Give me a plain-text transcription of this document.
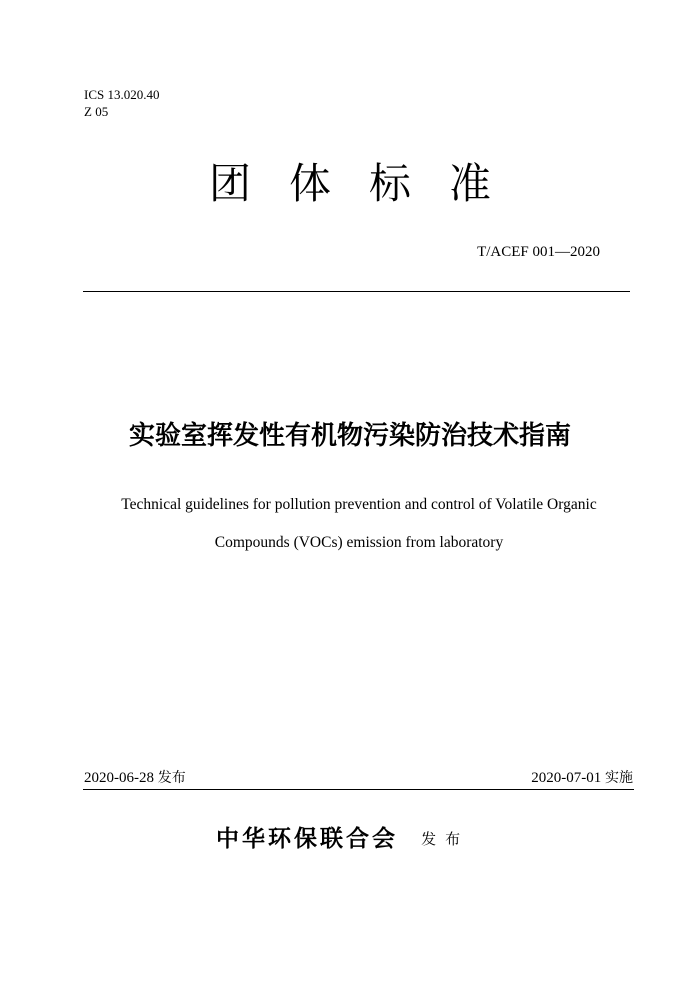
ICS 13.020.40
Z 05
团体标准
T/ACEF 001—2020
实验室挥发性有机物污染防治技术指南
Technical guidelines for pollution prevention and control of Volatile Organic
Compounds (VOCs) emission from laboratory
2020-06-28 发布	2020-07-01 实施
中华环保联合会 发布
